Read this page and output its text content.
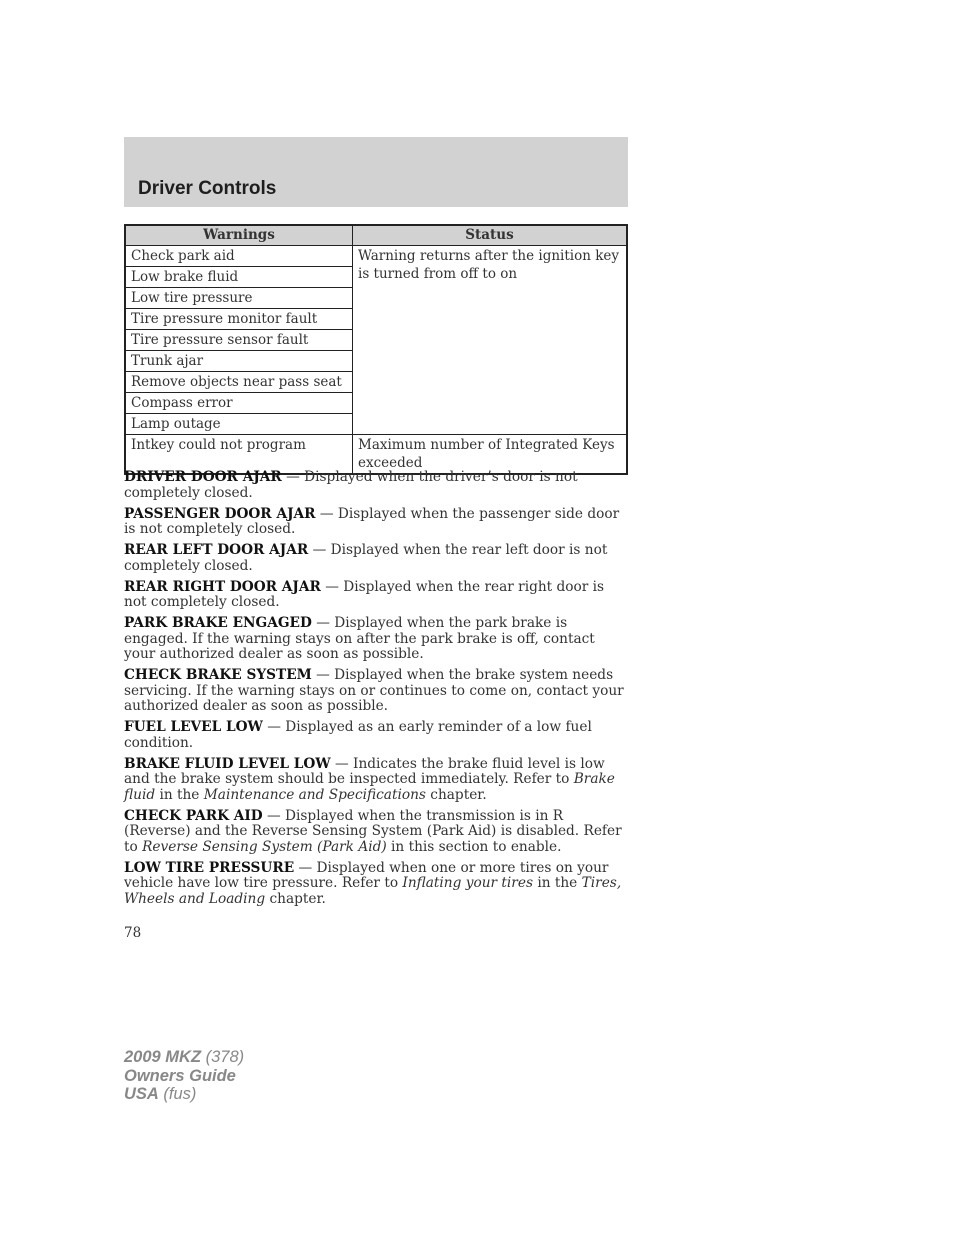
Driver Controls
Warnings	Status
Check park aid	Warning returns after the ignition key is turned from off to on
Low brake fluid	
Low tire pressure	
Tire pressure monitor fault	
Tire pressure sensor fault	
Trunk ajar	
Remove objects near pass seat	
Compass error	
Lamp outage	
Intkey could not program	Maximum number of Integrated Keys exceeded

DRIVER DOOR AJAR — Displayed when the driver’s door is not completely closed.

PASSENGER DOOR AJAR — Displayed when the passenger side door is not completely closed.

REAR LEFT DOOR AJAR — Displayed when the rear left door is not completely closed.

REAR RIGHT DOOR AJAR — Displayed when the rear right door is not completely closed.

PARK BRAKE ENGAGED — Displayed when the park brake is engaged. If the warning stays on after the park brake is off, contact your authorized dealer as soon as possible.

CHECK BRAKE SYSTEM — Displayed when the brake system needs servicing. If the warning stays on or continues to come on, contact your authorized dealer as soon as possible.

FUEL LEVEL LOW — Displayed as an early reminder of a low fuel condition.

BRAKE FLUID LEVEL LOW — Indicates the brake fluid level is low and the brake system should be inspected immediately. Refer to Brake fluid in the Maintenance and Specifications chapter.

CHECK PARK AID — Displayed when the transmission is in R (Reverse) and the Reverse Sensing System (Park Aid) is disabled. Refer to Reverse Sensing System (Park Aid) in this section to enable.

LOW TIRE PRESSURE — Displayed when one or more tires on your vehicle have low tire pressure. Refer to Inflating your tires in the Tires, Wheels and Loading chapter.

78

2009 MKZ (378)
Owners Guide
USA (fus)
